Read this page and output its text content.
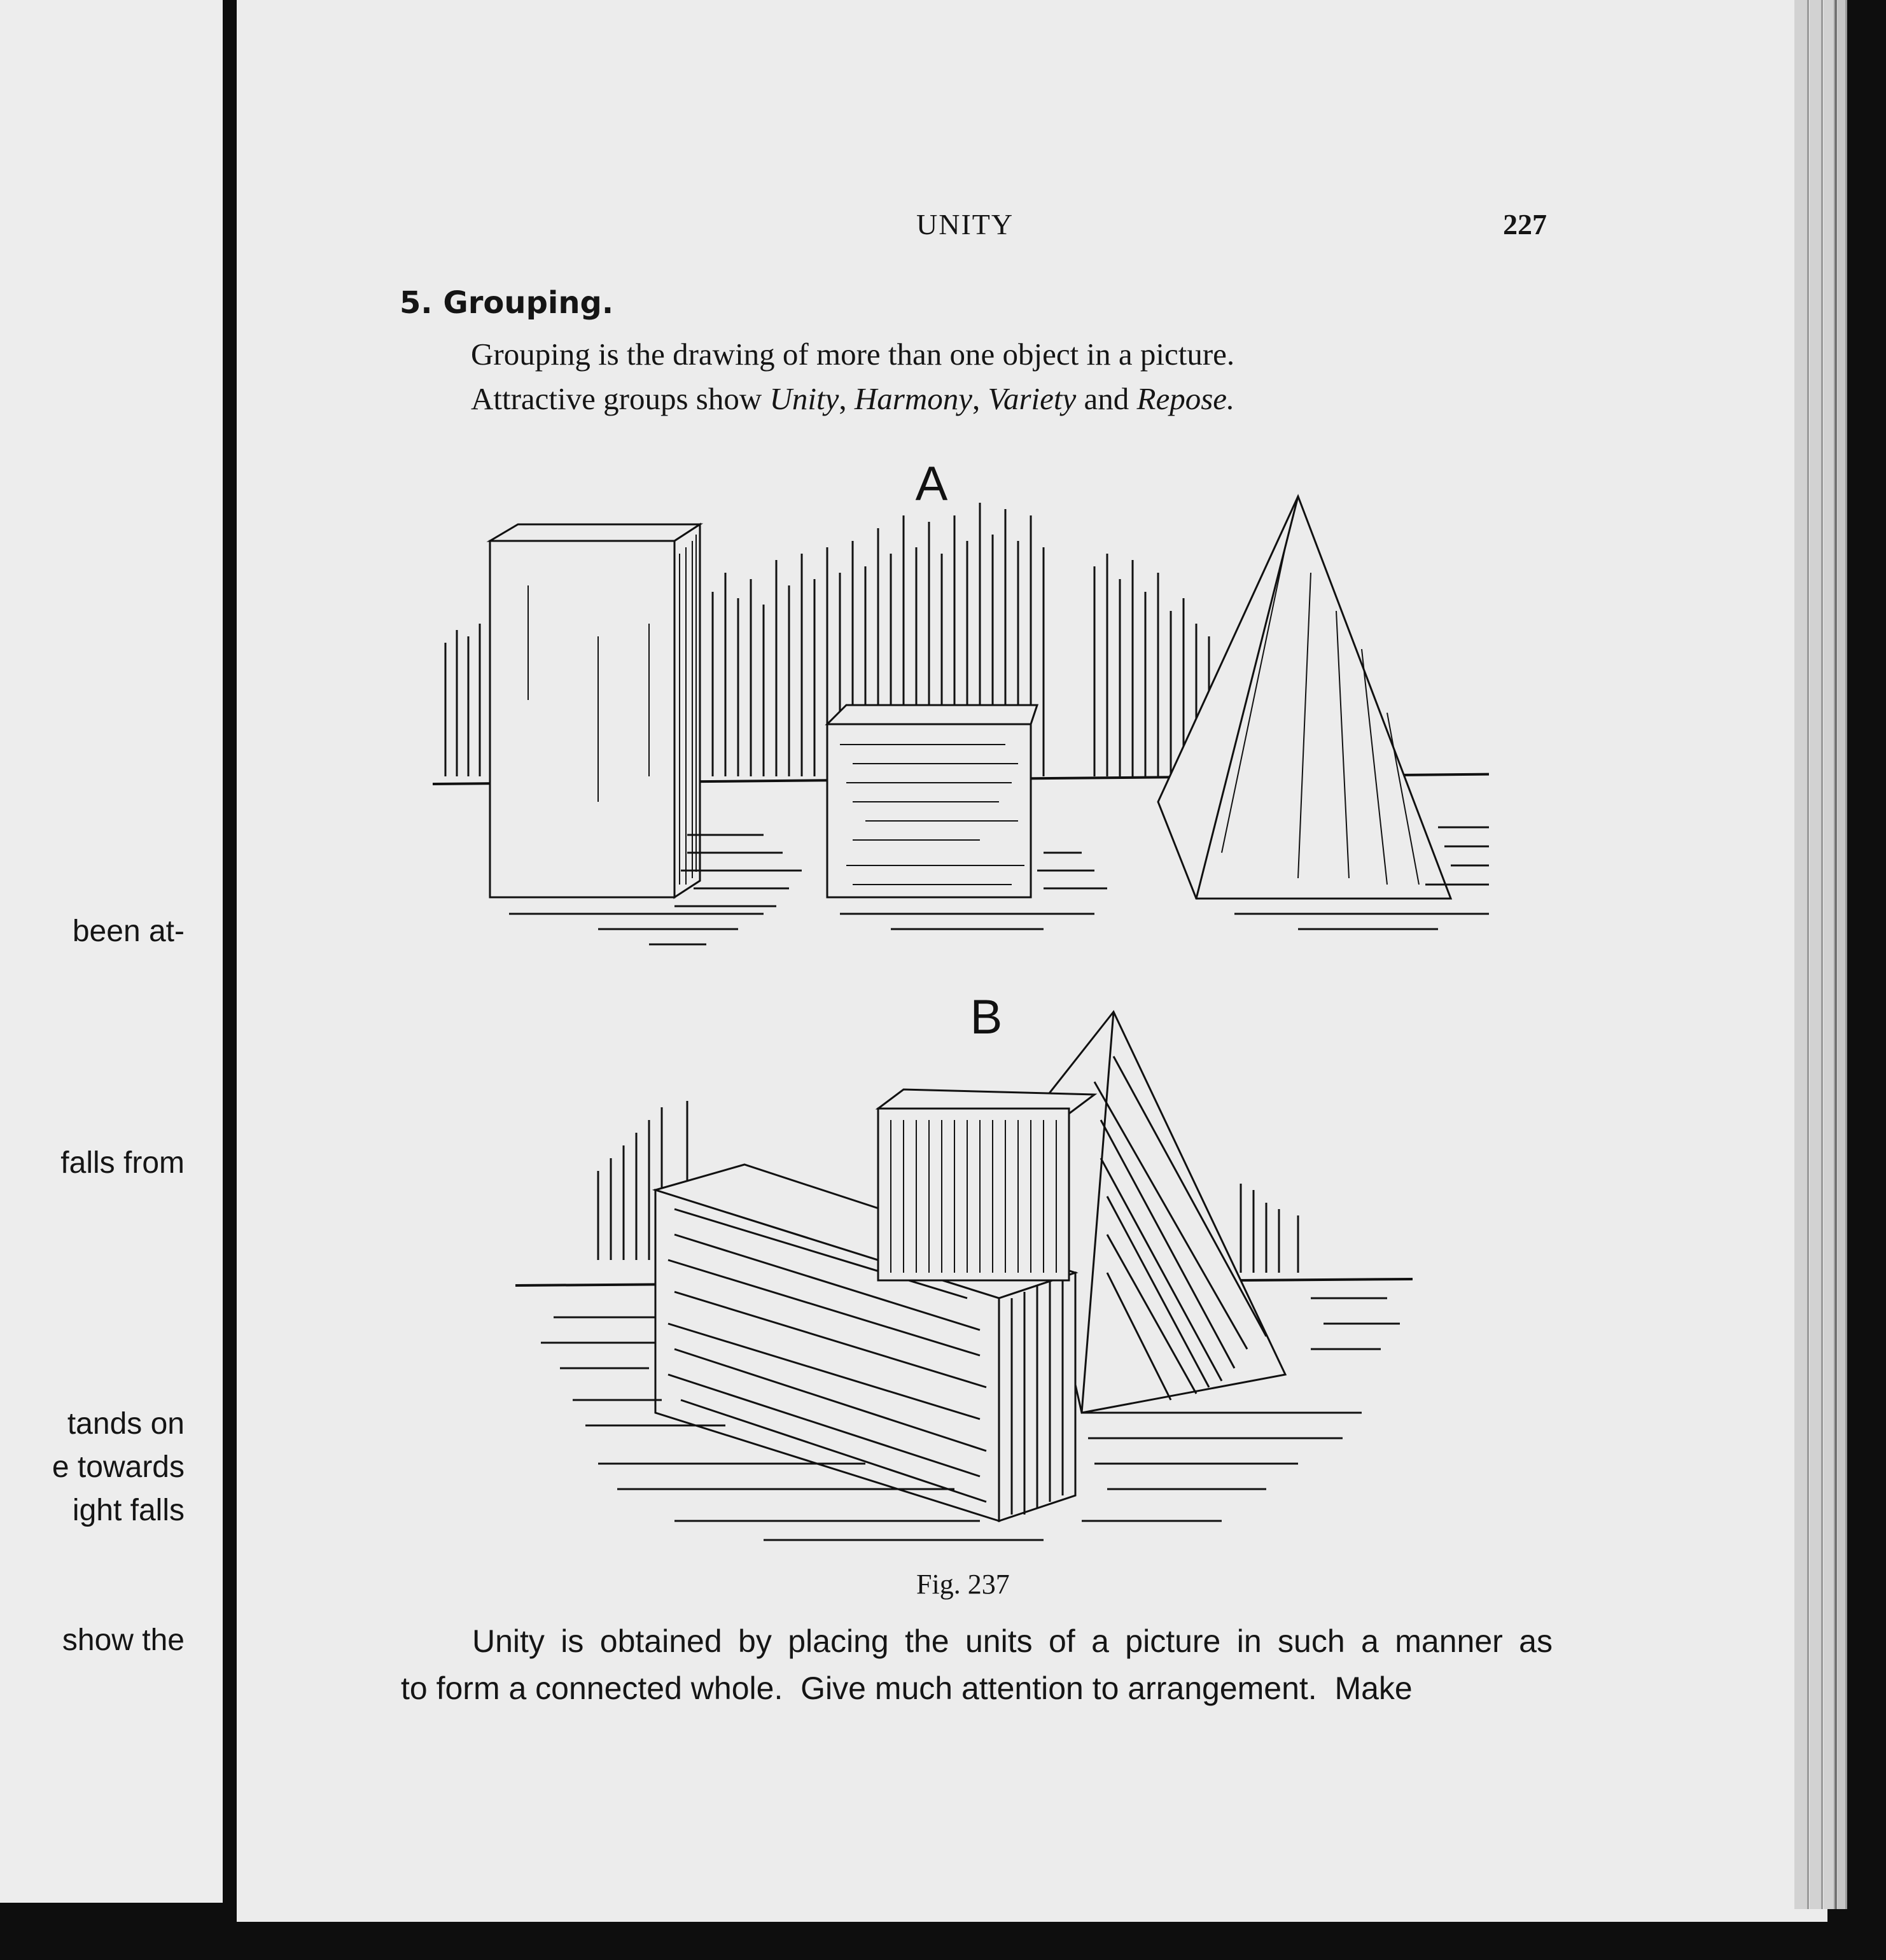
been at-
falls from
tands on
e towards
ight falls
show the
UNITY	227
5. Grouping.
Grouping is the drawing of more than one object in a picture.
Attractive groups show Unity, Harmony, Variety and Repose.
A
B
Fig. 237
Unity is obtained by placing the units of a picture in such a manner as
to form a connected whole.  Give much attention to arrangement.  Make
